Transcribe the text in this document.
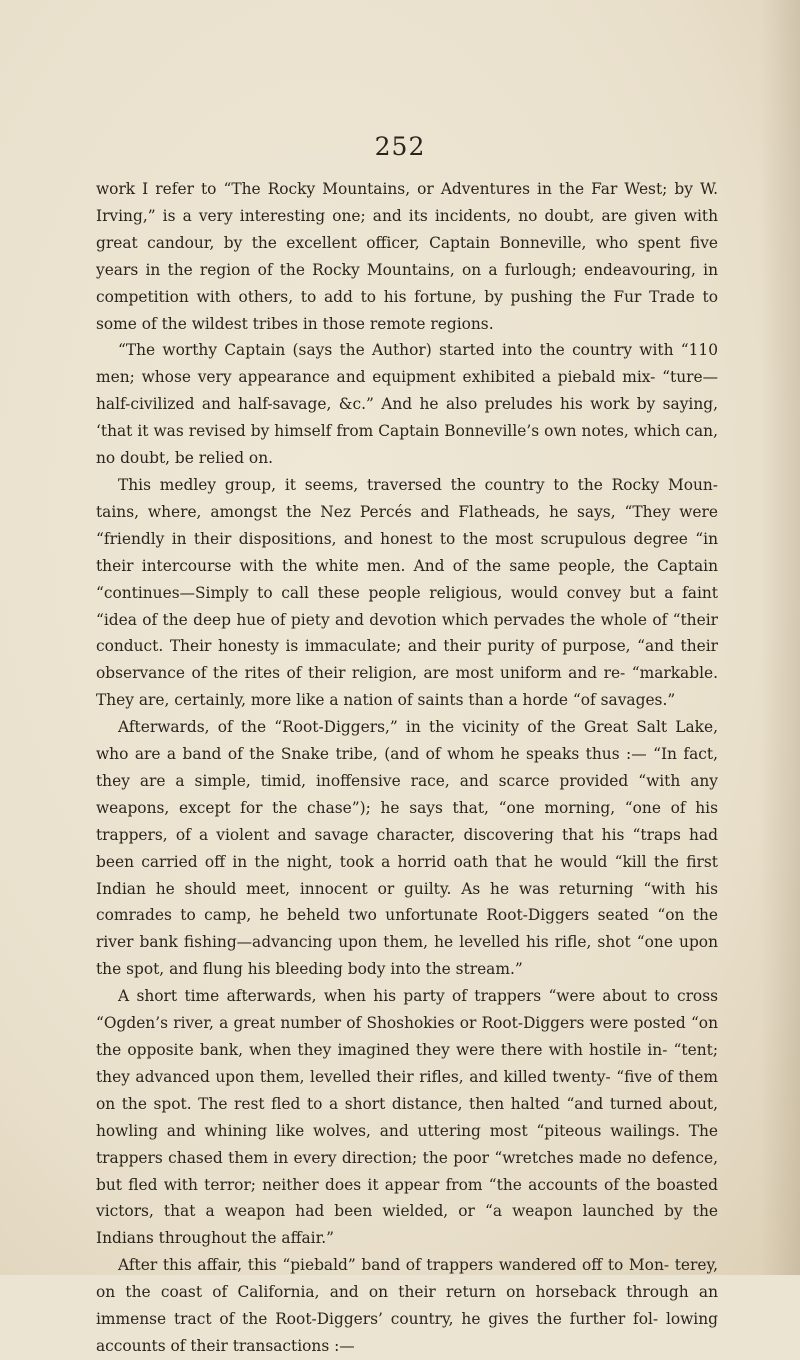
252

work I refer to “The Rocky Mountains, or Adventures in the Far West; by W. Irving,” is a very interesting one; and its incidents, no doubt, are given with great candour, by the excellent officer, Captain Bonneville, who spent five years in the region of the Rocky Mountains, on a furlough; endeavouring, in competition with others, to add to his fortune, by pushing the Fur Trade to some of the wildest tribes in those remote regions.

“The worthy Captain (says the Author) started into the country with “110 men; whose very appearance and equipment exhibited a piebald mix- “ture—half-civilized and half-savage, &c.” And he also preludes his work by saying, ‘that it was revised by himself from Captain Bonneville’s own notes, which can, no doubt, be relied on.

This medley group, it seems, traversed the country to the Rocky Moun- tains, where, amongst the Nez Percés and Flatheads, he says, “They were “friendly in their dispositions, and honest to the most scrupulous degree “in their intercourse with the white men. And of the same people, the Captain “continues—Simply to call these people religious, would convey but a faint “idea of the deep hue of piety and devotion which pervades the whole of “their conduct. Their honesty is immaculate; and their purity of purpose, “and their observance of the rites of their religion, are most uniform and re- “markable. They are, certainly, more like a nation of saints than a horde “of savages.”

Afterwards, of the “Root-Diggers,” in the vicinity of the Great Salt Lake, who are a band of the Snake tribe, (and of whom he speaks thus :— “In fact, they are a simple, timid, inoffensive race, and scarce provided “with any weapons, except for the chase”); he says that, “one morning, “one of his trappers, of a violent and savage character, discovering that his “traps had been carried off in the night, took a horrid oath that he would “kill the first Indian he should meet, innocent or guilty. As he was returning “with his comrades to camp, he beheld two unfortunate Root-Diggers seated “on the river bank fishing—advancing upon them, he levelled his rifle, shot “one upon the spot, and flung his bleeding body into the stream.”

A short time afterwards, when his party of trappers “were about to cross “Ogden’s river, a great number of Shoshokies or Root-Diggers were posted “on the opposite bank, when they imagined they were there with hostile in- “tent; they advanced upon them, levelled their rifles, and killed twenty- “five of them on the spot. The rest fled to a short distance, then halted “and turned about, howling and whining like wolves, and uttering most “piteous wailings. The trappers chased them in every direction; the poor “wretches made no defence, but fled with terror; neither does it appear from “the accounts of the boasted victors, that a weapon had been wielded, or “a weapon launched by the Indians throughout the affair.”

After this affair, this “piebald” band of trappers wandered off to Mon- terey, on the coast of California, and on their return on horseback through an immense tract of the Root-Diggers’ country, he gives the further fol- lowing accounts of their transactions :—
